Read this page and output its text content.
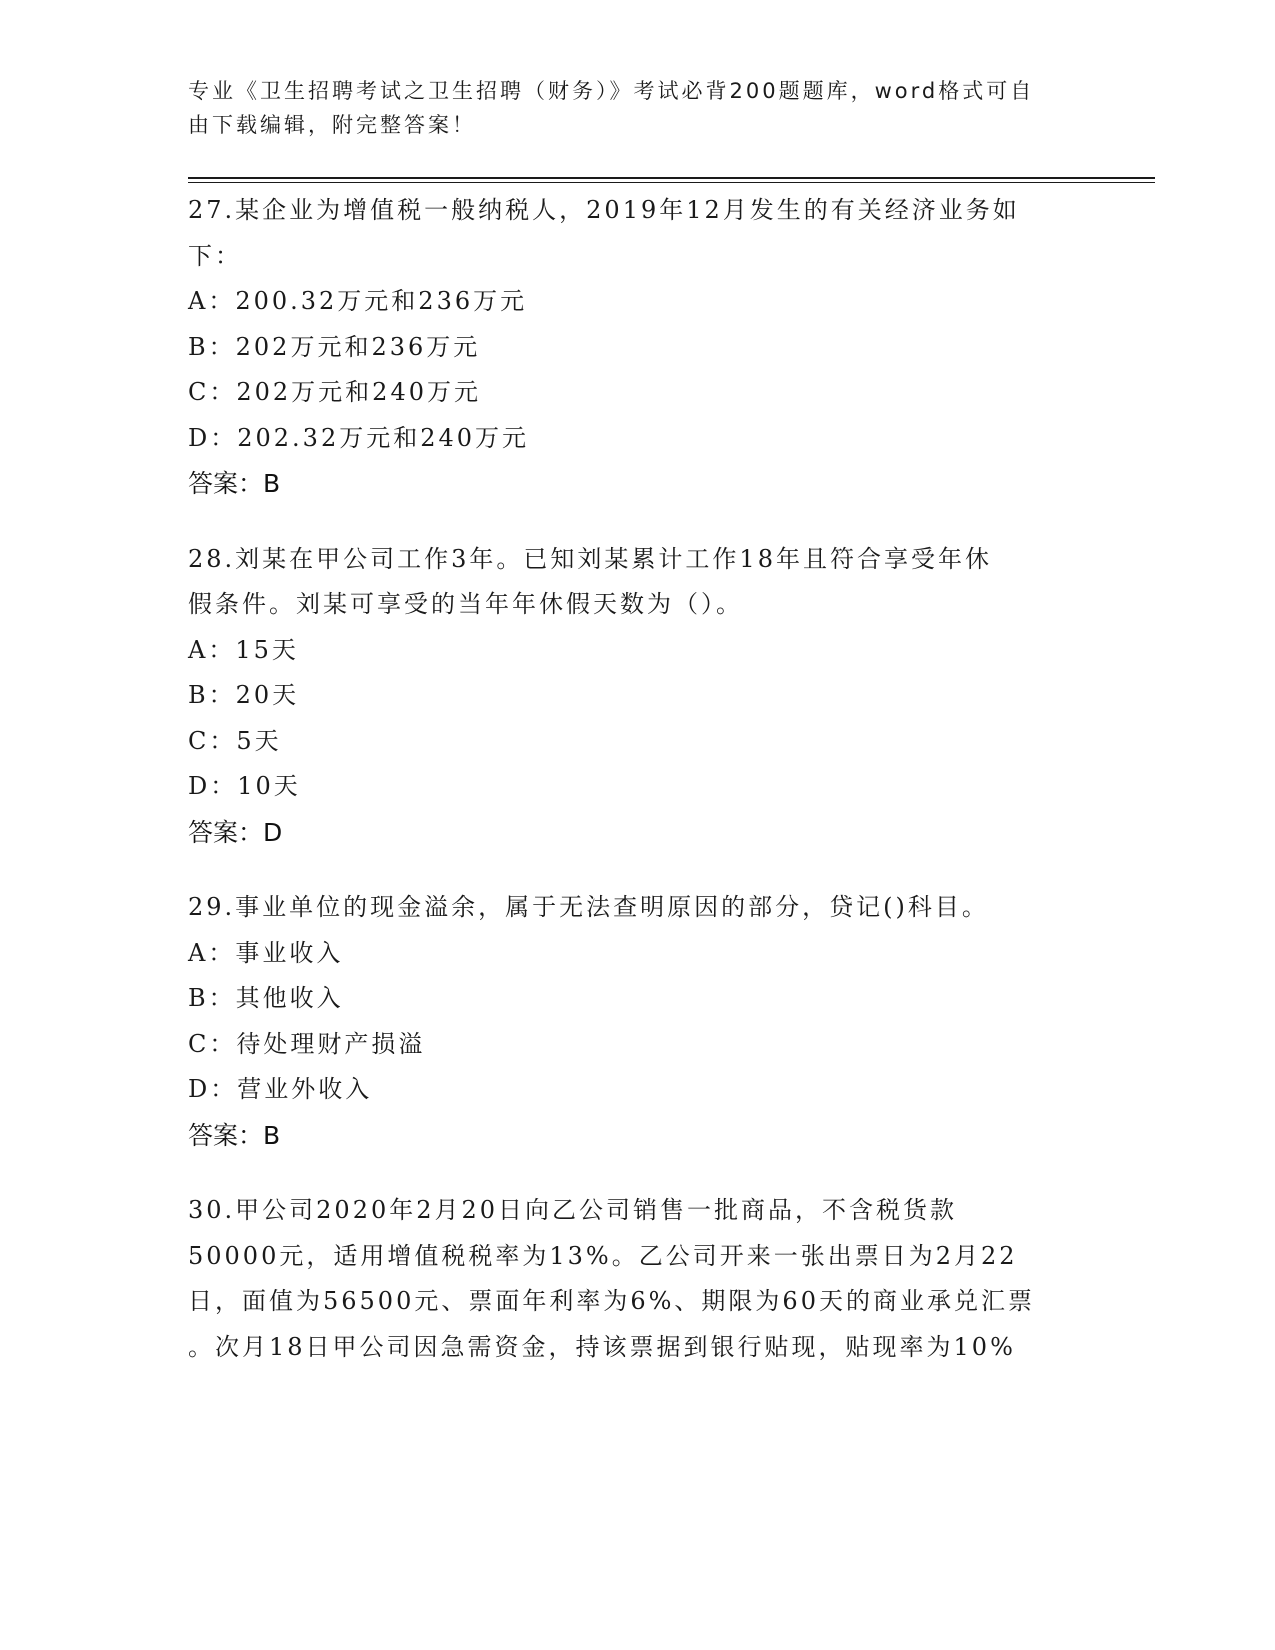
专业《卫生招聘考试之卫生招聘（财务）》考试必背200题题库，word格式可自
由下载编辑，附完整答案！

27.某企业为增值税一般纳税人，2019年12月发生的有关经济业务如

下：

A：200.32万元和236万元

B：202万元和236万元

C：202万元和240万元

D：202.32万元和240万元

答案：B

28.刘某在甲公司工作3年。已知刘某累计工作18年且符合享受年休

假条件。刘某可享受的当年年休假天数为（）。

A：15天

B：20天

C：5天

D：10天

答案：D

29.事业单位的现金溢余，属于无法查明原因的部分，贷记()科目。

A：事业收入

B：其他收入

C：待处理财产损溢

D：营业外收入

答案：B

30.甲公司2020年2月20日向乙公司销售一批商品，不含税货款

50000元，适用增值税税率为13%。乙公司开来一张出票日为2月22

日，面值为56500元、票面年利率为6%、期限为60天的商业承兑汇票

。次月18日甲公司因急需资金，持该票据到银行贴现，贴现率为10%
